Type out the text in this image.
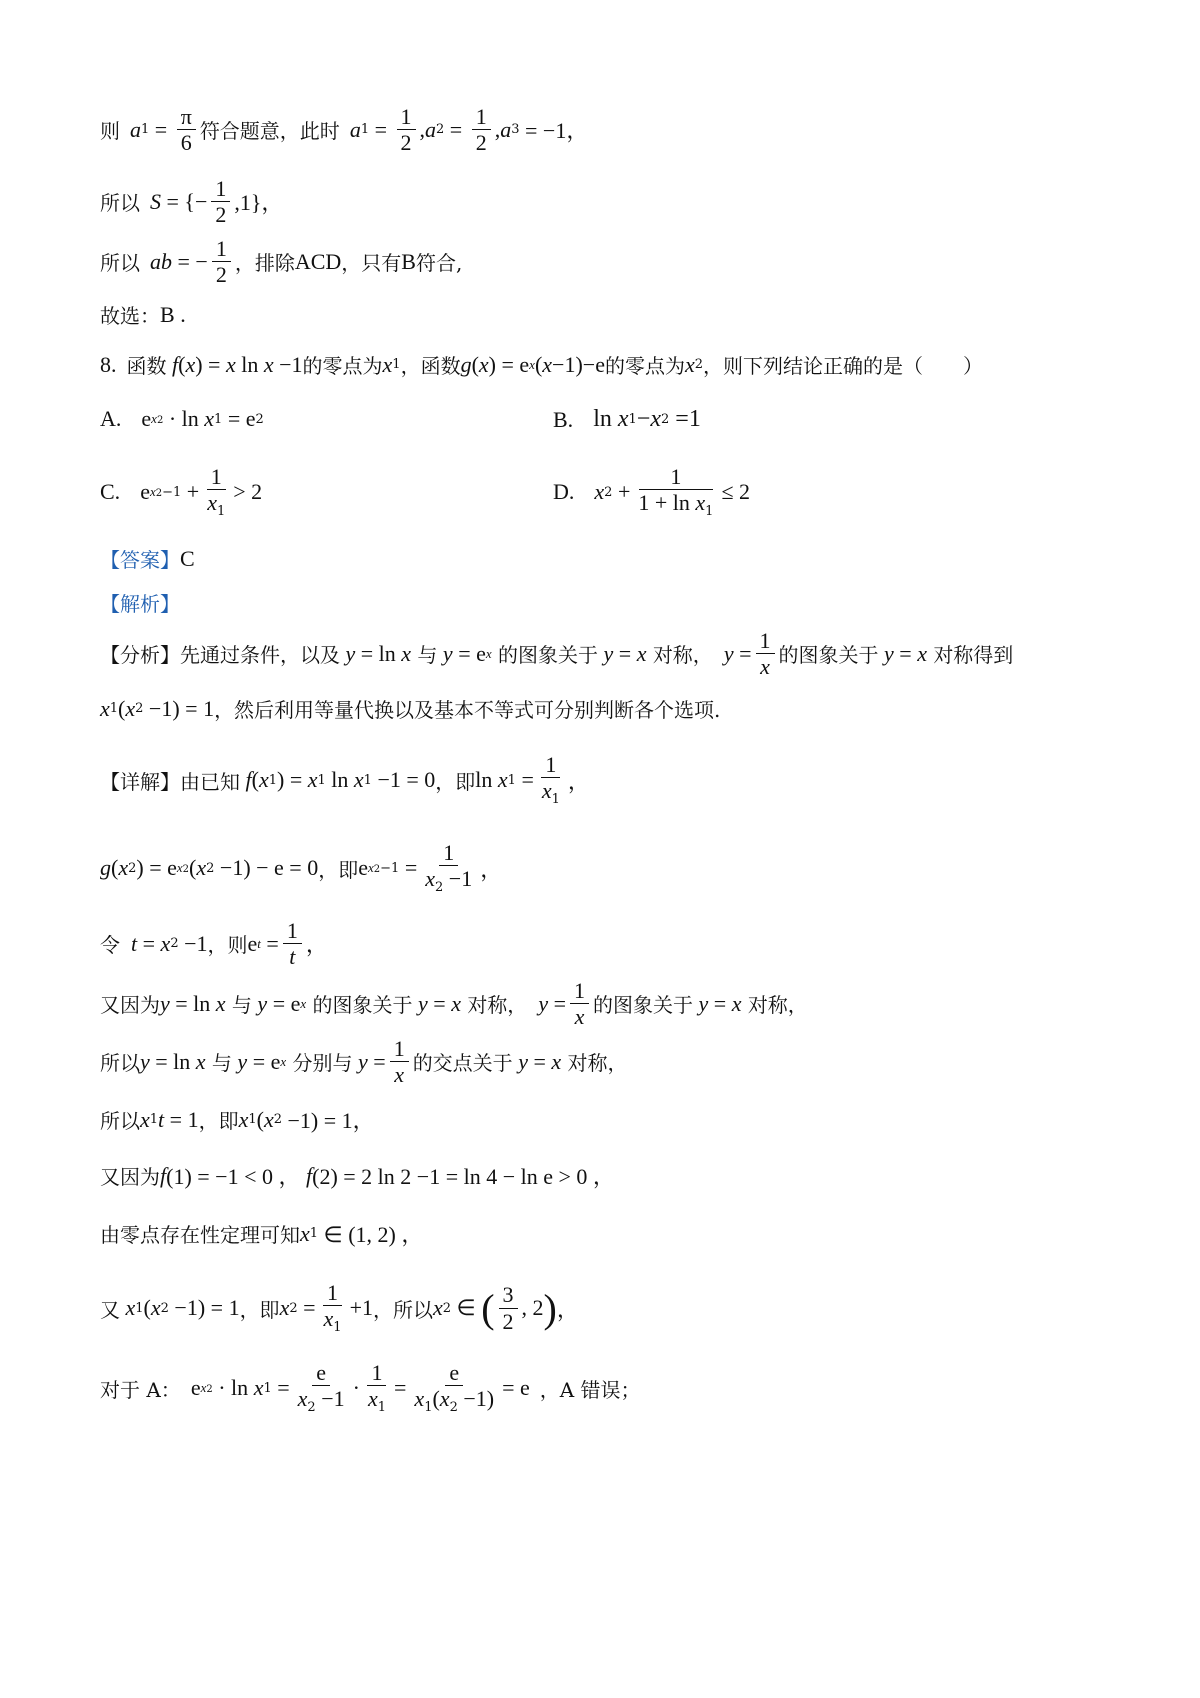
则 a $1 = \frac{\pi}{6}$ 符合题意，此时 a $1 = \frac{1}{2}$ , a $2 = \frac{1}{2}$ , a 3 = −1，
所以 S = {− $\frac{1}{2} ,1$}，
所以 ab = − $\frac{1}{2}$ ，排除 ACD ，只有 B 符合,
故选： B .
8. 函数 f ( x ) = x ln x −1 的零点为 x 1 ，函数 g ( x ) = e x ( x −1)−e 的零点为 x 2 ，则下列结论正确的是（　　）
A. e x2 · ln x 1 = e 2	B. ln x 1 − x 2 =1
C. e $x2-1 + \frac{1}{x_1} > 2$	D. x $2 + \frac{1}{1 + \ln x_1} \le 2$
【答案】 C
【解析】
【分析】 先通过条件，以及 y = ln x
与 y = e x
的图象关于 y = x
对称， $y = \frac{1}{x}$ 的图象关于 y = x
对称得到
x 1 ( x 2 −1) = 1 ，然后利用等量代换以及基本不等式可分别判断各个选项.
【详解】 由已知 f ( x 1 ) = x 1 ln x 1 −1 = 0 ，即 ln x $1 = \frac{1}{x_1}$ ，
g ( x 2 ) = e x2 ( x 2 −1) − e = 0 ，即 e $x2-1 = \frac{1}{x_2 -1}$ ，
令 t = x 2 −1 ，则 e $t = \frac{1}{t}$ ，
又因为 y = ln x
与 y = e x
的图象关于 y = x
对称， $y = \frac{1}{x}$ 的图象关于 y = x
对称，
所以 y = ln x
与 y = e x
分别与 $y = \frac{1}{x}$ 的交点关于 y = x
对称，
所以 x 1 t = 1 ，即 x 1 ( x 2 −1) = 1，
又因为 f (1) = −1 < 0 ， f (2) = 2 ln 2 −1 = ln 4 − ln e > 0 ，
由零点存在性定理可知 x 1 ∈ (1, 2) ，
又 x 1 ( x 2 −1) = 1 ，即 x $2 = \frac{1}{x_1} +1$ ，所以 x 2 ∈ ( 3
2
, 2 ) ，
对于 A： e x2 · ln x $1 = \frac{e}{x_2 -1} \cdot \frac{1}{x_1} = \frac{e}{x_1(x_2 -1)} = e$ ，A 错误；
